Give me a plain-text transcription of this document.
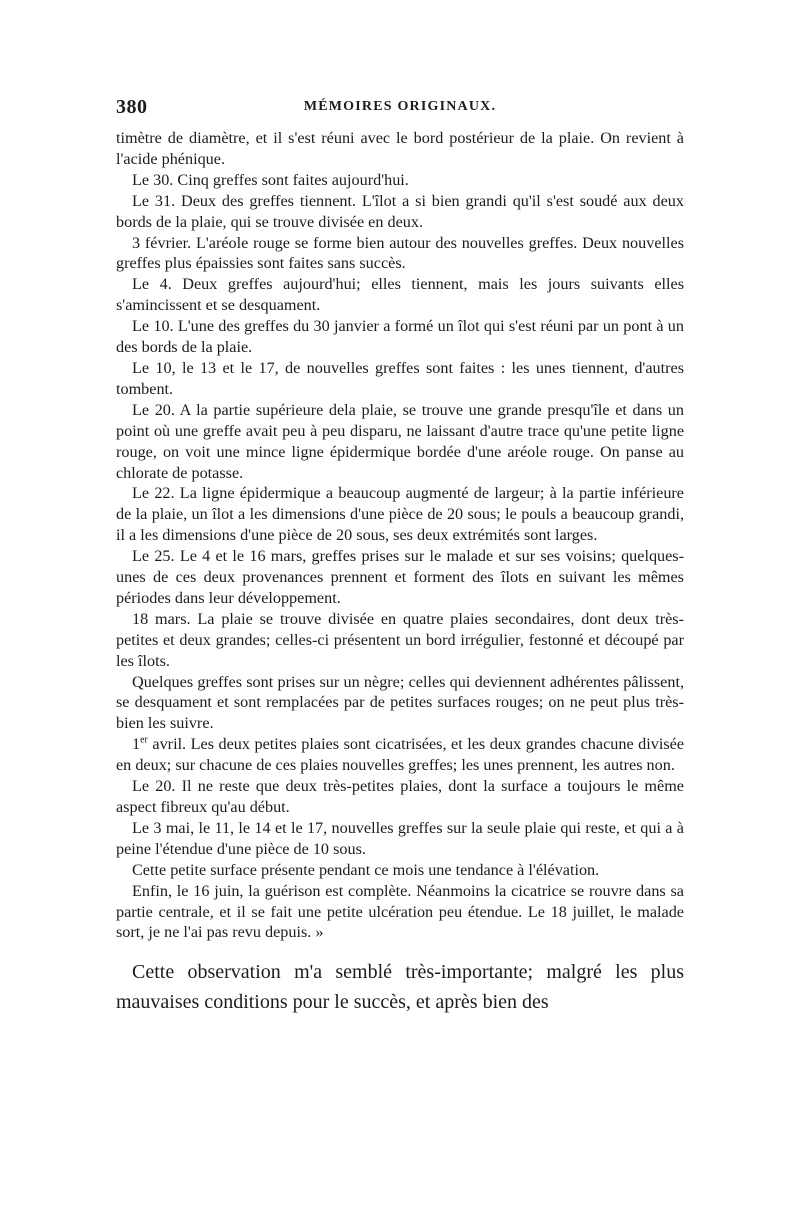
380	MÉMOIRES ORIGINAUX.

timètre de diamètre, et il s'est réuni avec le bord postérieur de la plaie. On revient à l'acide phénique.

Le 30. Cinq greffes sont faites aujourd'hui.

Le 31. Deux des greffes tiennent. L'îlot a si bien grandi qu'il s'est soudé aux deux bords de la plaie, qui se trouve divisée en deux.

3 février. L'aréole rouge se forme bien autour des nouvelles greffes. Deux nouvelles greffes plus épaissies sont faites sans succès.

Le 4. Deux greffes aujourd'hui; elles tiennent, mais les jours suivants elles s'amincissent et se desquament.

Le 10. L'une des greffes du 30 janvier a formé un îlot qui s'est réuni par un pont à un des bords de la plaie.

Le 10, le 13 et le 17, de nouvelles greffes sont faites : les unes tiennent, d'autres tombent.

Le 20. A la partie supérieure dela plaie, se trouve une grande presqu'île et dans un point où une greffe avait peu à peu disparu, ne laissant d'autre trace qu'une petite ligne rouge, on voit une mince ligne épidermique bordée d'une aréole rouge. On panse au chlorate de potasse.

Le 22. La ligne épidermique a beaucoup augmenté de largeur; à la partie inférieure de la plaie, un îlot a les dimensions d'une pièce de 20 sous; le pouls a beaucoup grandi, il a les dimensions d'une pièce de 20 sous, ses deux extrémités sont larges.

Le 25. Le 4 et le 16 mars, greffes prises sur le malade et sur ses voisins; quelques-unes de ces deux provenances prennent et forment des îlots en suivant les mêmes périodes dans leur développement.

18 mars. La plaie se trouve divisée en quatre plaies secondaires, dont deux très-petites et deux grandes; celles-ci présentent un bord irrégulier, festonné et découpé par les îlots.

Quelques greffes sont prises sur un nègre; celles qui deviennent adhérentes pâlissent, se desquament et sont remplacées par de petites surfaces rouges; on ne peut plus très-bien les suivre.

1er avril. Les deux petites plaies sont cicatrisées, et les deux grandes chacune divisée en deux; sur chacune de ces plaies nouvelles greffes; les unes prennent, les autres non.

Le 20. Il ne reste que deux très-petites plaies, dont la surface a toujours le même aspect fibreux qu'au début.

Le 3 mai, le 11, le 14 et le 17, nouvelles greffes sur la seule plaie qui reste, et qui a à peine l'étendue d'une pièce de 10 sous.

Cette petite surface présente pendant ce mois une tendance à l'élévation.

Enfin, le 16 juin, la guérison est complète. Néanmoins la cicatrice se rouvre dans sa partie centrale, et il se fait une petite ulcération peu étendue. Le 18 juillet, le malade sort, je ne l'ai pas revu depuis. »

Cette observation m'a semblé très-importante; malgré les plus mauvaises conditions pour le succès, et après bien des
